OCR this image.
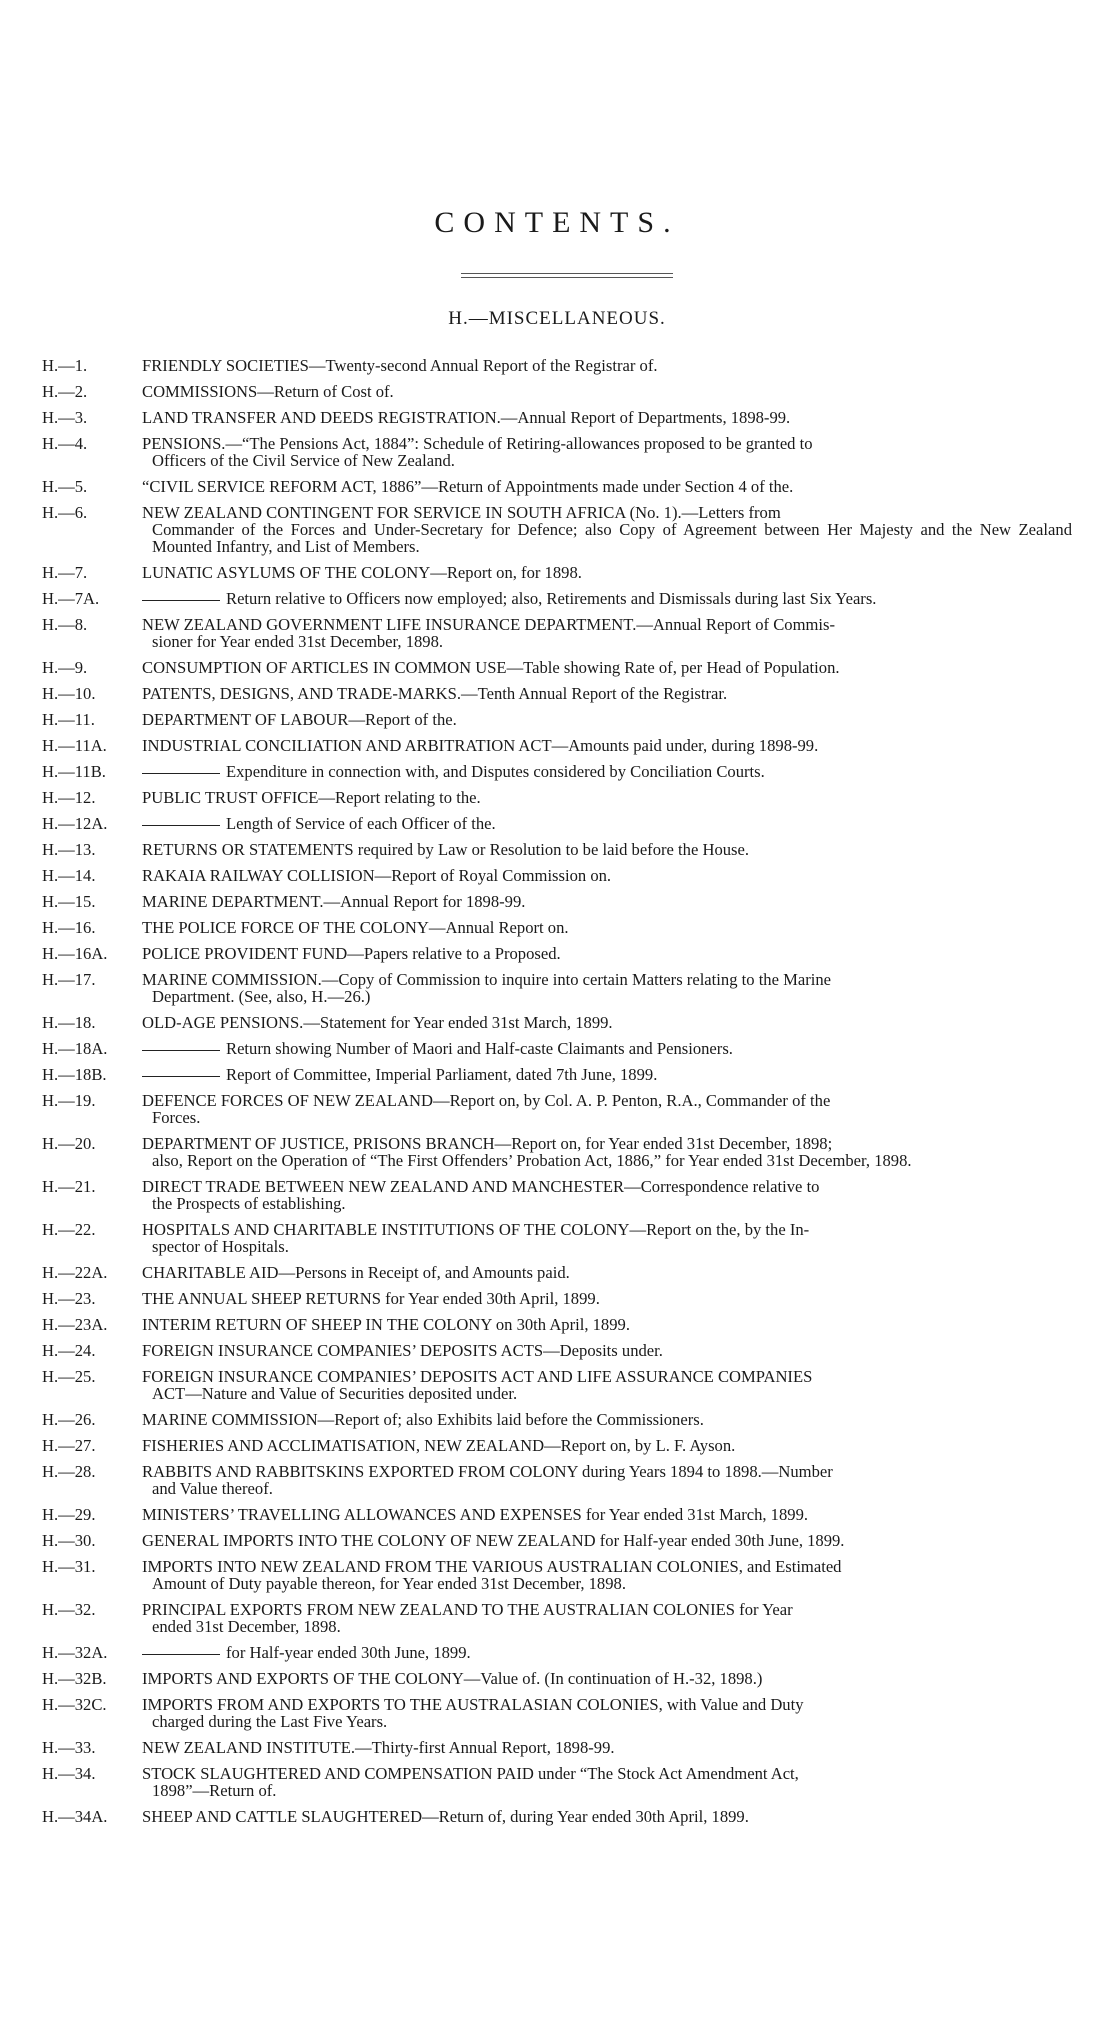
CONTENTS.
H.—MISCELLANEOUS.
H.—1.	FRIENDLY SOCIETIES—Twenty-second Annual Report of the Registrar of.
H.—2.	COMMISSIONS—Return of Cost of.
H.—3.	LAND TRANSFER AND DEEDS REGISTRATION.—Annual Report of Departments, 1898-99.
H.—4.	PENSIONS.—“The Pensions Act, 1884”: Schedule of Retiring-allowances proposed to be granted to
Officers of the Civil Service of New Zealand.
H.—5.	“CIVIL SERVICE REFORM ACT, 1886”—Return of Appointments made under Section 4 of the.
H.—6.	NEW ZEALAND CONTINGENT FOR SERVICE IN SOUTH AFRICA (No. 1).—Letters from
Commander of the Forces and Under-Secretary for Defence; also Copy of Agreement between Her Majesty and the New Zealand Mounted Infantry, and List of Members.
H.—7.	LUNATIC ASYLUMS OF THE COLONY—Report on, for 1898.
H.—7A.	Return relative to Officers now employed; also, Retirements and Dismissals during last Six Years.
H.—8.	NEW ZEALAND GOVERNMENT LIFE INSURANCE DEPARTMENT.—Annual Report of Commis-
sioner for Year ended 31st December, 1898.
H.—9.	CONSUMPTION OF ARTICLES IN COMMON USE—Table showing Rate of, per Head of Population.
H.—10.	PATENTS, DESIGNS, AND TRADE-MARKS.—Tenth Annual Report of the Registrar.
H.—11.	DEPARTMENT OF LABOUR—Report of the.
H.—11A.	INDUSTRIAL CONCILIATION AND ARBITRATION ACT—Amounts paid under, during 1898-99.
H.—11B.	Expenditure in connection with, and Disputes considered by Conciliation Courts.
H.—12.	PUBLIC TRUST OFFICE—Report relating to the.
H.—12A.	Length of Service of each Officer of the.
H.—13.	RETURNS OR STATEMENTS required by Law or Resolution to be laid before the House.
H.—14.	RAKAIA RAILWAY COLLISION—Report of Royal Commission on.
H.—15.	MARINE DEPARTMENT.—Annual Report for 1898-99.
H.—16.	THE POLICE FORCE OF THE COLONY—Annual Report on.
H.—16A.	POLICE PROVIDENT FUND—Papers relative to a Proposed.
H.—17.	MARINE COMMISSION.—Copy of Commission to inquire into certain Matters relating to the Marine
Department. (See, also, H.—26.)
H.—18.	OLD-AGE PENSIONS.—Statement for Year ended 31st March, 1899.
H.—18A.	Return showing Number of Maori and Half-caste Claimants and Pensioners.
H.—18B.	Report of Committee, Imperial Parliament, dated 7th June, 1899.
H.—19.	DEFENCE FORCES OF NEW ZEALAND—Report on, by Col. A. P. Penton, R.A., Commander of the
Forces.
H.—20.	DEPARTMENT OF JUSTICE, PRISONS BRANCH—Report on, for Year ended 31st December, 1898;
also, Report on the Operation of “The First Offenders’ Probation Act, 1886,” for Year ended 31st December, 1898.
H.—21.	DIRECT TRADE BETWEEN NEW ZEALAND AND MANCHESTER—Correspondence relative to
the Prospects of establishing.
H.—22.	HOSPITALS AND CHARITABLE INSTITUTIONS OF THE COLONY—Report on the, by the In-
spector of Hospitals.
H.—22A.	CHARITABLE AID—Persons in Receipt of, and Amounts paid.
H.—23.	THE ANNUAL SHEEP RETURNS for Year ended 30th April, 1899.
H.—23A.	INTERIM RETURN OF SHEEP IN THE COLONY on 30th April, 1899.
H.—24.	FOREIGN INSURANCE COMPANIES’ DEPOSITS ACTS—Deposits under.
H.—25.	FOREIGN INSURANCE COMPANIES’ DEPOSITS ACT AND LIFE ASSURANCE COMPANIES
ACT—Nature and Value of Securities deposited under.
H.—26.	MARINE COMMISSION—Report of; also Exhibits laid before the Commissioners.
H.—27.	FISHERIES AND ACCLIMATISATION, NEW ZEALAND—Report on, by L. F. Ayson.
H.—28.	RABBITS AND RABBITSKINS EXPORTED FROM COLONY during Years 1894 to 1898.—Number
and Value thereof.
H.—29.	MINISTERS’ TRAVELLING ALLOWANCES AND EXPENSES for Year ended 31st March, 1899.
H.—30.	GENERAL IMPORTS INTO THE COLONY OF NEW ZEALAND for Half-year ended 30th June, 1899.
H.—31.	IMPORTS INTO NEW ZEALAND FROM THE VARIOUS AUSTRALIAN COLONIES, and Estimated
Amount of Duty payable thereon, for Year ended 31st December, 1898.
H.—32.	PRINCIPAL EXPORTS FROM NEW ZEALAND TO THE AUSTRALIAN COLONIES for Year
ended 31st December, 1898.
H.—32A.	for Half-year ended 30th June, 1899.
H.—32B.	IMPORTS AND EXPORTS OF THE COLONY—Value of. (In continuation of H.-32, 1898.)
H.—32C.	IMPORTS FROM AND EXPORTS TO THE AUSTRALASIAN COLONIES, with Value and Duty
charged during the Last Five Years.
H.—33.	NEW ZEALAND INSTITUTE.—Thirty-first Annual Report, 1898-99.
H.—34.	STOCK SLAUGHTERED AND COMPENSATION PAID under “The Stock Act Amendment Act,
1898”—Return of.
H.—34A.	SHEEP AND CATTLE SLAUGHTERED—Return of, during Year ended 30th April, 1899.
